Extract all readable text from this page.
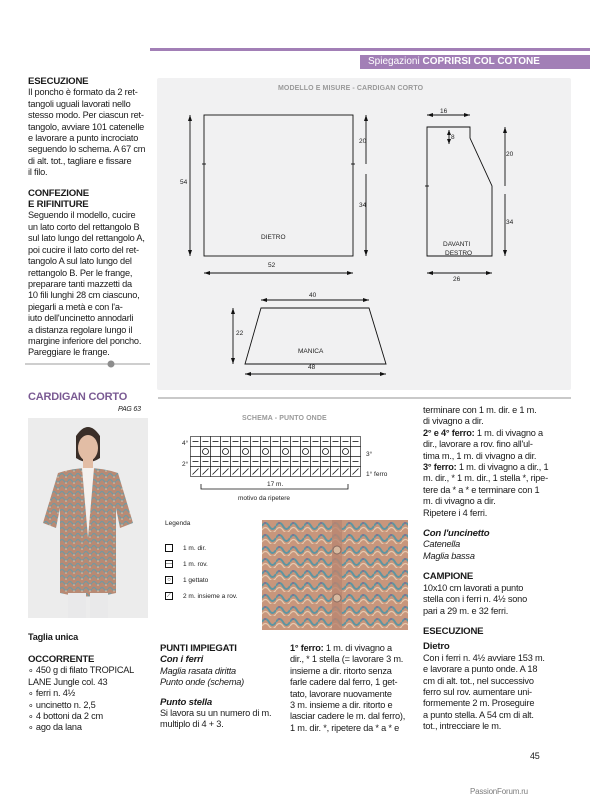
Spiegazioni COPRIRSI COL COTONE

ESECUZIONE

Il poncho è formato da 2 ret-

tangoli uguali lavorati nello

stesso modo. Per ciascun ret-

tangolo, avviare 101 catenelle

e lavorare a punto incrociato

seguendo lo schema. A 67 cm

di alt. tot., tagliare e fissare

il filo.

CONFEZIONE

E RIFINITURE

Seguendo il modello, cucire

un lato corto del rettangolo B

sul lato lungo del rettangolo A,

poi cucire il lato corto del ret-

tangolo A sul lato lungo del

rettangolo B. Per le frange,

preparare tanti mazzetti da

10 fili lunghi 28 cm ciascuno,

piegarli a metà e con l'a-

iuto dell'uncinetto annodarli

a distanza regolare lungo il

margine inferiore del poncho.

Pareggiare le frange.

CARDIGAN CORTO
PAG 63
Taglia unica

OCCORRENTE

∘ 450 g di filato TROPICAL

LANE Jungle col. 43

∘ ferri n. 4½

∘ uncinetto n. 2,5

∘ 4 bottoni da 2 cm

∘ ago da lana

MODELLO E MISURE - CARDIGAN CORTO
DIETRO
DAVANTI
DESTRO
MANICA
54
20
34
52
16
8
20
34
26
40
22
48
SCHEMA - PUNTO ONDE
4°
3°
2°
1° ferro
17 m.
motivo da ripetere
Legenda
1 m. dir.
— 1 m. rov.
○	1 gettato
⟋ 2 m. insieme a rov.

PUNTI IMPIEGATI

Con i ferri

Maglia rasata diritta

Punto onde (schema)

Punto stella

Si lavora su un numero di m.

multiplo di 4 + 3.

1° ferro: 1 m. di vivagno a

dir., * 1 stella (= lavorare 3 m.

insieme a dir. ritorto senza

farle cadere dal ferro, 1 get-

tato, lavorare nuovamente

3 m. insieme a dir. ritorto e

lasciar cadere le m. dal ferro),

1 m. dir. *, ripetere da * a * e

terminare con 1 m. dir. e 1 m.

di vivagno a dir.

2° e 4° ferro: 1 m. di vivagno a

dir., lavorare a rov. fino all'ul-

tima m., 1 m. di vivagno a dir.

3° ferro: 1 m. di vivagno a dir., 1

m. dir., * 1 m. dir., 1 stella *, ripe-

tere da * a * e terminare con 1

m. di vivagno a dir.

Ripetere i 4 ferri.

Con l'uncinetto

Catenella

Maglia bassa

CAMPIONE

10x10 cm lavorati a punto

stella con i ferri n. 4½ sono

pari a 29 m. e 32 ferri.

ESECUZIONE

Dietro

Con i ferri n. 4½ avviare 153 m.

e lavorare a punto onde. A 18

cm di alt. tot., nel successivo

ferro sul rov. aumentare uni-

formemente 2 m. Proseguire

a punto stella. A 54 cm di alt.

tot., intrecciare le m.

45
PassionForum.ru
